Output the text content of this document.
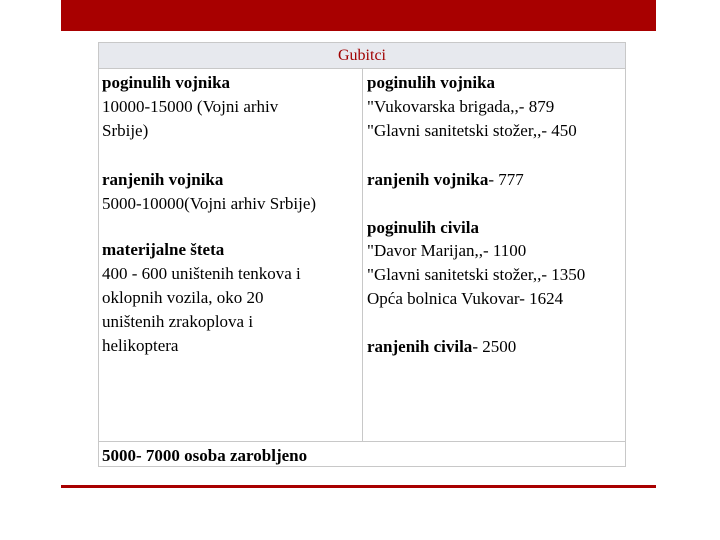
Gubitci
poginulih vojnika
10000-15000 (Vojni arhiv
Srbije)
ranjenih vojnika
5000-10000(Vojni arhiv Srbije)
materijalne šteta
400 - 600 uništenih tenkova i
oklopnih vozila, oko 20
uništenih zrakoplova i
helikoptera
5000- 7000 osoba zarobljeno
poginulih vojnika
"Vukovarska brigada,,- 879
"Glavni sanitetski stožer,,- 450
ranjenih vojnika- 777
poginulih civila
"Davor Marijan,,- 1100
"Glavni sanitetski stožer,,- 1350
Opća bolnica Vukovar- 1624
ranjenih civila- 2500
